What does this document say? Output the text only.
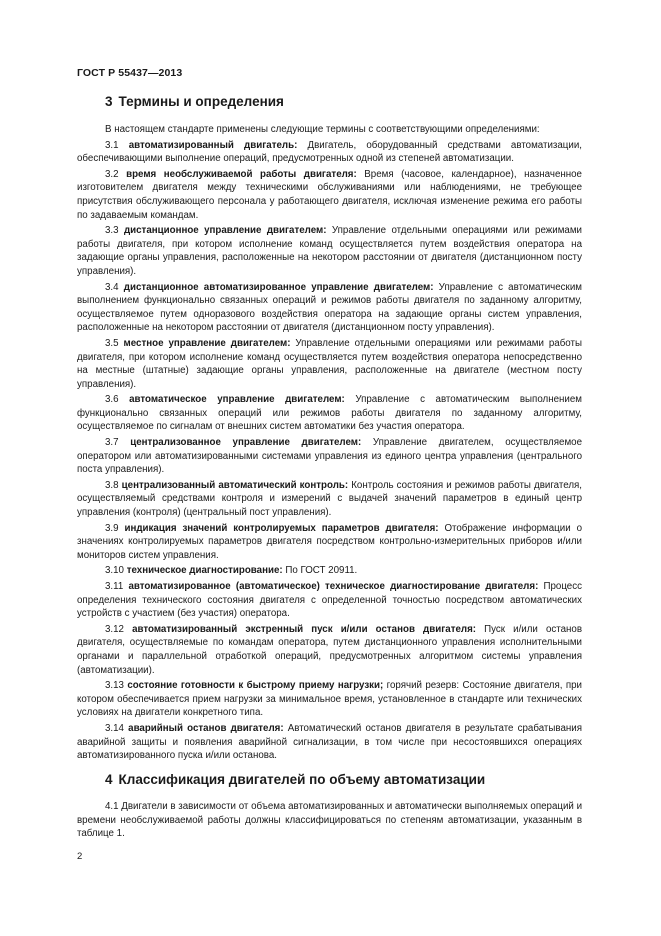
ГОСТ Р 55437—2013
3 Термины и определения

В настоящем стандарте применены следующие термины с соответствующими определениями:

3.1 автоматизированный двигатель: Двигатель, оборудованный средствами автоматизации, обеспечивающими выполнение операций, предусмотренных одной из степеней автоматизации.

3.2 время необслуживаемой работы двигателя: Время (часовое, календарное), назначенное изготовителем двигателя между техническими обслуживаниями или наблюдениями, не требующее присутствия обслуживающего персонала у работающего двигателя, исключая изменение режима его работы по задаваемым командам.

3.3 дистанционное управление двигателем: Управление отдельными операциями или режимами работы двигателя, при котором исполнение команд осуществляется путем воздействия оператора на задающие органы управления, расположенные на некотором расстоянии от двигателя (дистанционном посту управления).

3.4 дистанционное автоматизированное управление двигателем: Управление с автоматическим выполнением функционально связанных операций и режимов работы двигателя по заданному алгоритму, осуществляемое путем одноразового воздействия оператора на задающие органы систем управления, расположенные на некотором расстоянии от двигателя (дистанционном посту управления).

3.5 местное управление двигателем: Управление отдельными операциями или режимами работы двигателя, при котором исполнение команд осуществляется путем воздействия оператора непосредственно на местные (штатные) задающие органы управления, расположенные на двигателе (местном посту управления).

3.6 автоматическое управление двигателем: Управление с автоматическим выполнением функционально связанных операций или режимов работы двигателя по заданному алгоритму, осуществляемое по сигналам от внешних систем автоматики без участия оператора.

3.7 централизованное управление двигателем: Управление двигателем, осуществляемое оператором или автоматизированными системами управления из единого центра управления (центрального поста управления).

3.8 централизованный автоматический контроль: Контроль состояния и режимов работы двигателя, осуществляемый средствами контроля и измерений с выдачей значений параметров в единый центр управления (контроля) (центральный пост управления).

3.9 индикация значений контролируемых параметров двигателя: Отображение информации о значениях контролируемых параметров двигателя посредством контрольно-измерительных приборов и/или мониторов систем управления.

3.10 техническое диагностирование: По ГОСТ 20911.

3.11 автоматизированное (автоматическое) техническое диагностирование двигателя: Процесс определения технического состояния двигателя с определенной точностью посредством автоматических устройств с участием (без участия) оператора.

3.12 автоматизированный экстренный пуск и/или останов двигателя: Пуск и/или останов двигателя, осуществляемые по командам оператора, путем дистанционного управления исполнительными органами и параллельной отработкой операций, предусмотренных алгоритмом системы управления (автоматизации).

3.13 состояние готовности к быстрому приему нагрузки; горячий резерв: Состояние двигателя, при котором обеспечивается прием нагрузки за минимальное время, установленное в стандарте или технических условиях на двигатели конкретного типа.

3.14 аварийный останов двигателя: Автоматический останов двигателя в результате срабатывания аварийной защиты и появления аварийной сигнализации, в том числе при несостоявшихся операциях автоматизированного пуска и/или останова.

4 Классификация двигателей по объему автоматизации

4.1 Двигатели в зависимости от объема автоматизированных и автоматически выполняемых операций и времени необслуживаемой работы должны классифицироваться по степеням автоматизации, указанным в таблице 1.

2
